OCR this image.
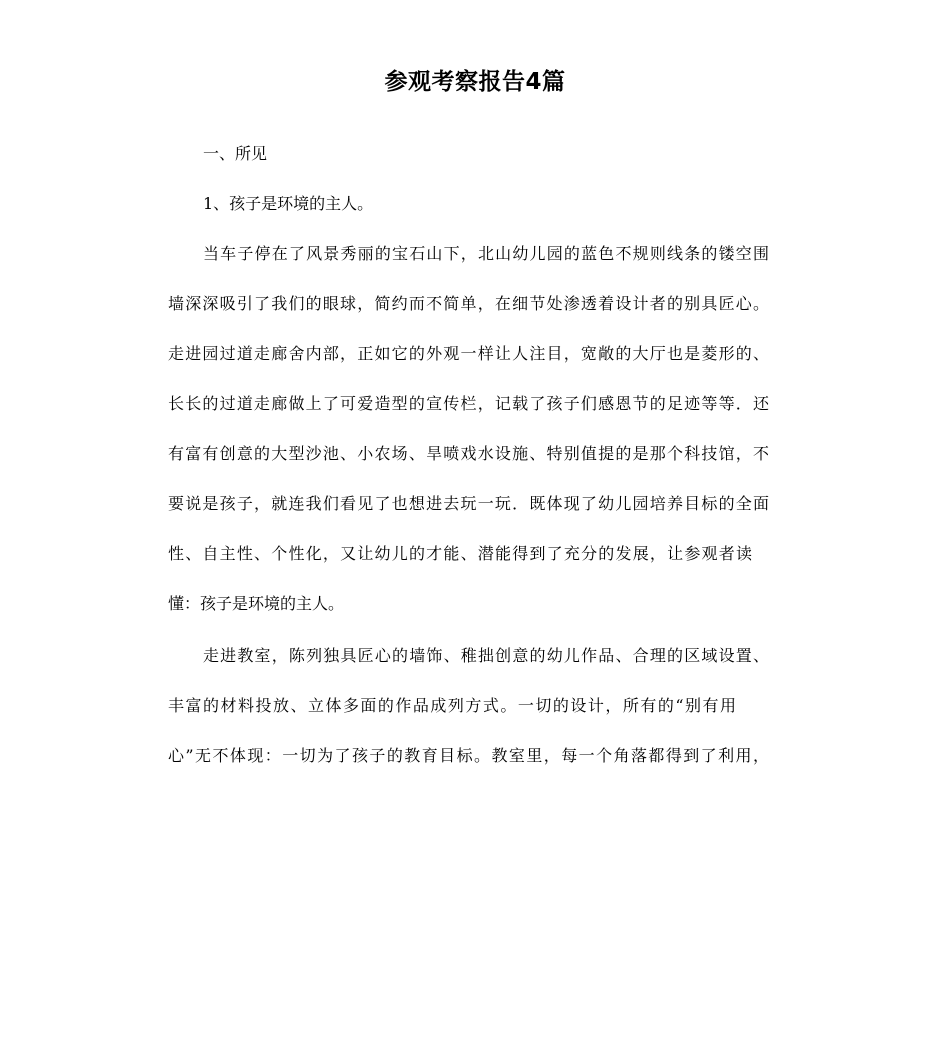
参观考察报告4篇

一、所见

1、孩子是环境的主人。

当车子停在了风景秀丽的宝石山下，北山幼儿园的蓝色不规则线条的镂空围

墙深深吸引了我们的眼球，简约而不简单，在细节处渗透着设计者的别具匠心。

走进园过道走廊舍内部，正如它的外观一样让人注目，宽敞的大厅也是菱形的、

长长的过道走廊做上了可爱造型的宣传栏，记载了孩子们感恩节的足迹等等．还

有富有创意的大型沙池、小农场、旱喷戏水设施、特别值提的是那个科技馆，不

要说是孩子，就连我们看见了也想进去玩一玩．既体现了幼儿园培养目标的全面

性、自主性、个性化，又让幼儿的才能、潜能得到了充分的发展，让参观者读

懂：孩子是环境的主人。

走进教室，陈列独具匠心的墙饰、稚拙创意的幼儿作品、合理的区域设置、

丰富的材料投放、立体多面的作品成列方式。一切的设计，所有的“别有用

心”无不体现：一切为了孩子的教育目标。教室里，每一个角落都得到了利用，
